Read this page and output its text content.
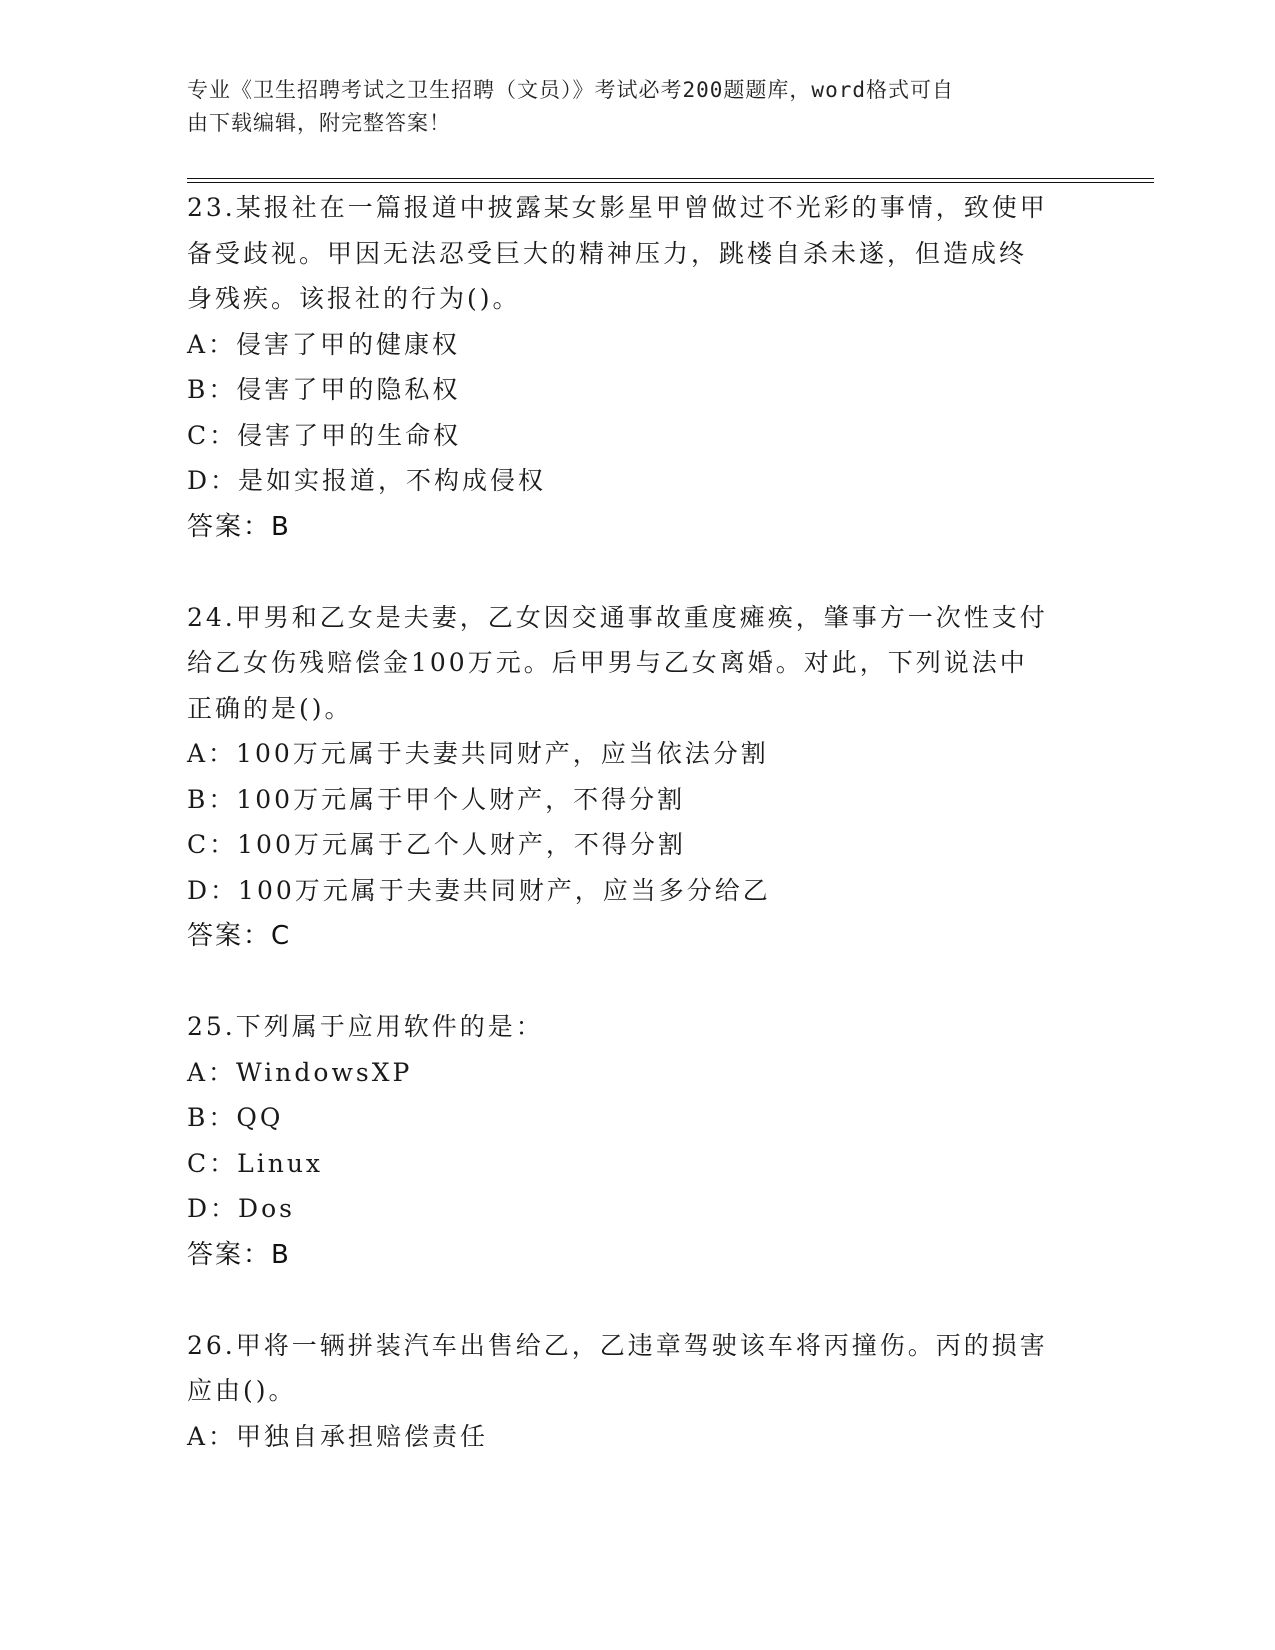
专业《卫生招聘考试之卫生招聘（文员）》考试必考200题题库，word格式可自
由下载编辑，附完整答案！
23.某报社在一篇报道中披露某女影星甲曾做过不光彩的事情，致使甲
备受歧视。甲因无法忍受巨大的精神压力，跳楼自杀未遂，但造成终
身残疾。该报社的行为()。
A：侵害了甲的健康权
B：侵害了甲的隐私权
C：侵害了甲的生命权
D：是如实报道，不构成侵权
答案：B
24.甲男和乙女是夫妻，乙女因交通事故重度瘫痪，肇事方一次性支付
给乙女伤残赔偿金100万元。后甲男与乙女离婚。对此，下列说法中
正确的是()。
A：100万元属于夫妻共同财产，应当依法分割
B：100万元属于甲个人财产，不得分割
C：100万元属于乙个人财产，不得分割
D：100万元属于夫妻共同财产，应当多分给乙
答案：C
25.下列属于应用软件的是：
A：WindowsXP
B：QQ
C：Linux
D：Dos
答案：B
26.甲将一辆拼装汽车出售给乙，乙违章驾驶该车将丙撞伤。丙的损害
应由()。
A：甲独自承担赔偿责任
